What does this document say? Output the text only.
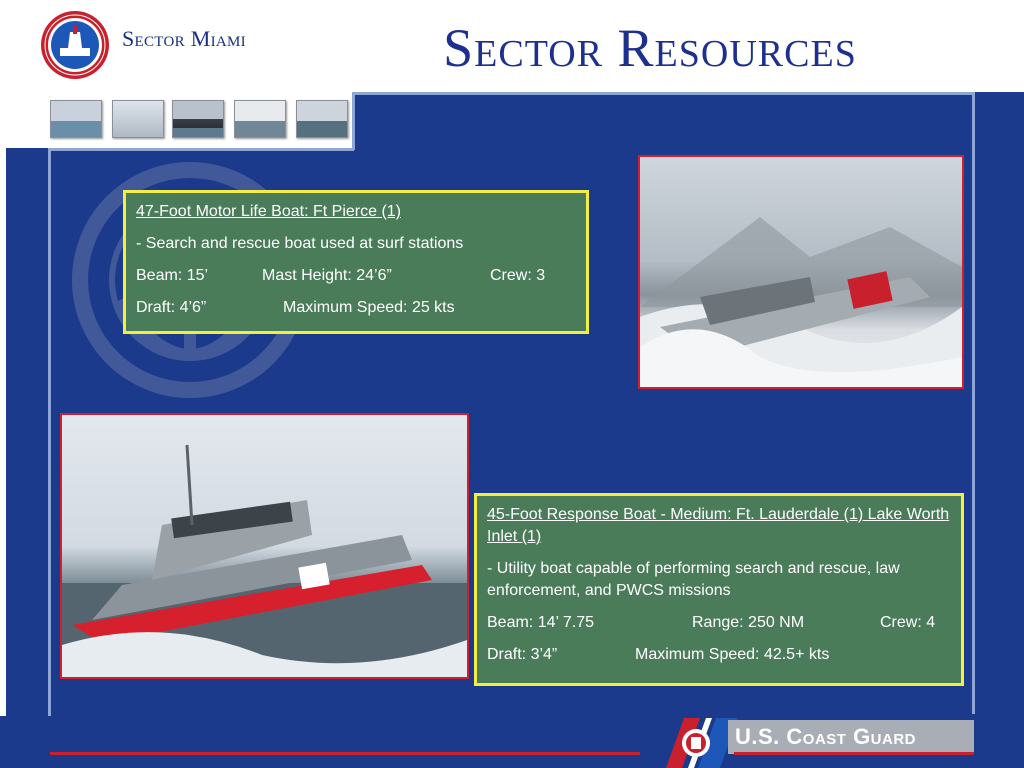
Sector Miami	Sector Resources
47-Foot Motor Life Boat: Ft Pierce (1)
- Search and rescue boat used at surf stations
Beam: 15’	Mast Height: 24’6”	Crew: 3
Draft: 4’6”	Maximum Speed: 25 kts
45-Foot Response Boat - Medium: Ft. Lauderdale (1) Lake Worth Inlet (1)
- Utility boat capable of performing search and rescue, law enforcement, and PWCS missions
Beam: 14’ 7.75	Range: 250 NM	Crew: 4
Draft: 3’4”	Maximum Speed: 42.5+ kts
U.S. Coast Guard
